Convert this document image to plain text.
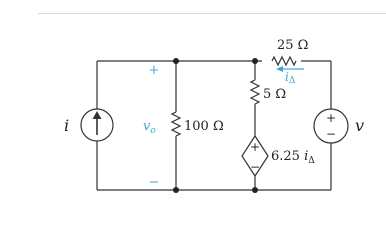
+
−
+
−
i
+
−
$v_o$ 100 Ω
5 Ω
25 Ω
iΔ
6.25 $i_\Delta$
v
